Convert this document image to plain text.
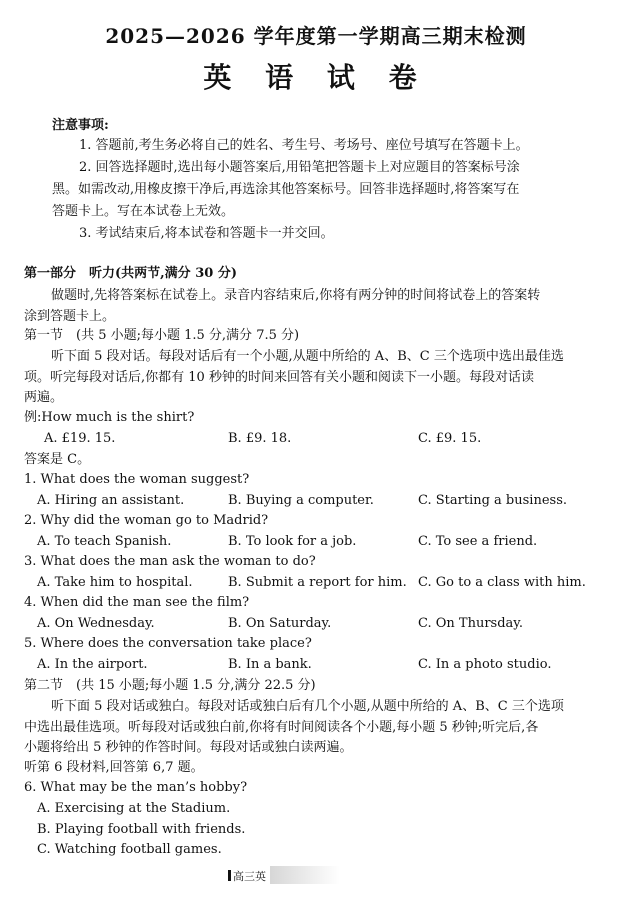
2025—2026 学年度第一学期高三期末检测
英 语 试 卷
注意事项:
1. 答题前,考生务必将自己的姓名、考生号、考场号、座位号填写在答题卡上。
2. 回答选择题时,选出每小题答案后,用铅笔把答题卡上对应题目的答案标号涂
黑。如需改动,用橡皮擦干净后,再选涂其他答案标号。回答非选择题时,将答案写在
答题卡上。写在本试卷上无效。
3. 考试结束后,将本试卷和答题卡一并交回。
第一部分　听力(共两节,满分 30 分)
做题时,先将答案标在试卷上。录音内容结束后,你将有两分钟的时间将试卷上的答案转
涂到答题卡上。
第一节　(共 5 小题;每小题 1.5 分,满分 7.5 分)
听下面 5 段对话。每段对话后有一个小题,从题中所给的 A、B、C 三个选项中选出最佳选
项。听完每段对话后,你都有 10 秒钟的时间来回答有关小题和阅读下一小题。每段对话读
两遍。
例:How much is the shirt?
A. £19. 15.	B. £9. 18.	C. £9. 15.
答案是 C。
1. What does the woman suggest?
A. Hiring an assistant.	B. Buying a computer.	C. Starting a business.
2. Why did the woman go to Madrid?
A. To teach Spanish.	B. To look for a job.	C. To see a friend.
3. What does the man ask the woman to do?
A. Take him to hospital.	B. Submit a report for him. C. Go to a class with him.
4. When did the man see the film?
A. On Wednesday.	B. On Saturday.	C. On Thursday.
5. Where does the conversation take place?
A. In the airport.	B. In a bank.	C. In a photo studio.
第二节　(共 15 小题;每小题 1.5 分,满分 22.5 分)
听下面 5 段对话或独白。每段对话或独白后有几个小题,从题中所给的 A、B、C 三个选项
中选出最佳选项。听每段对话或独白前,你将有时间阅读各个小题,每小题 5 秒钟;听完后,各
小题将给出 5 秒钟的作答时间。每段对话或独白读两遍。
听第 6 段材料,回答第 6,7 题。
6. What may be the man’s hobby?
A. Exercising at the Stadium.
B. Playing football with friends.
C. Watching football games.
高三英
